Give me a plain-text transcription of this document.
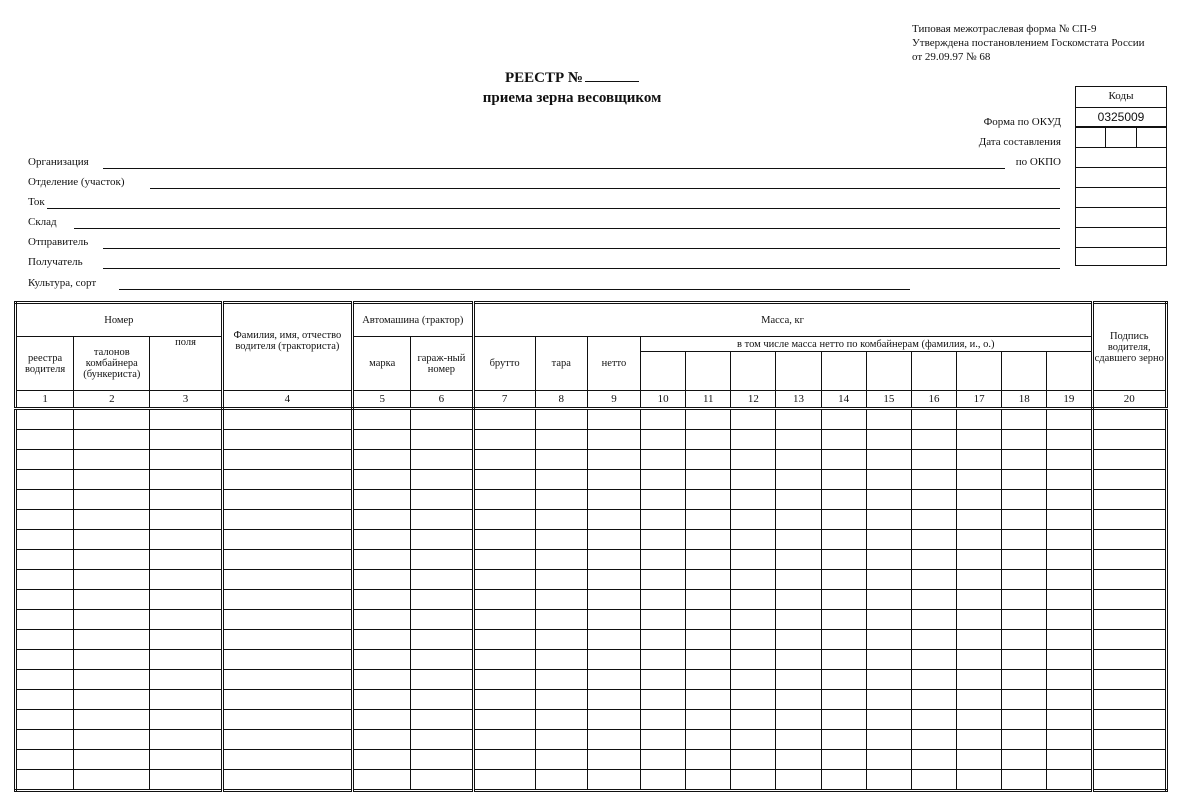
Типовая межотраслевая форма № СП-9
Утверждена постановлением Госкомстата России
от 29.09.97 № 68
РЕЕСТР №
приема зерна весовщиком
Форма по ОКУД
Дата составления
по ОКПО
Коды
0325009
Организация
Отделение (участок)
Ток
Склад
Отправитель
Получатель
Культура, сорт
Номер			Фамилия, имя, отчество водителя (тракториста)	Автомашина (трактор)		Масса, кг													Подпись водителя, сдавшего зерно
реестра водителя	талонов комбайнера (бункериста)	поля		марка	гараж-ный номер	брутто	тара	нетто	в том числе масса нетто по комбайнерам (фамилия, и., о.)										

1	2	3	4	5	6	7	8	9	10	11	12	13	14	15	16	17	18	19	20
